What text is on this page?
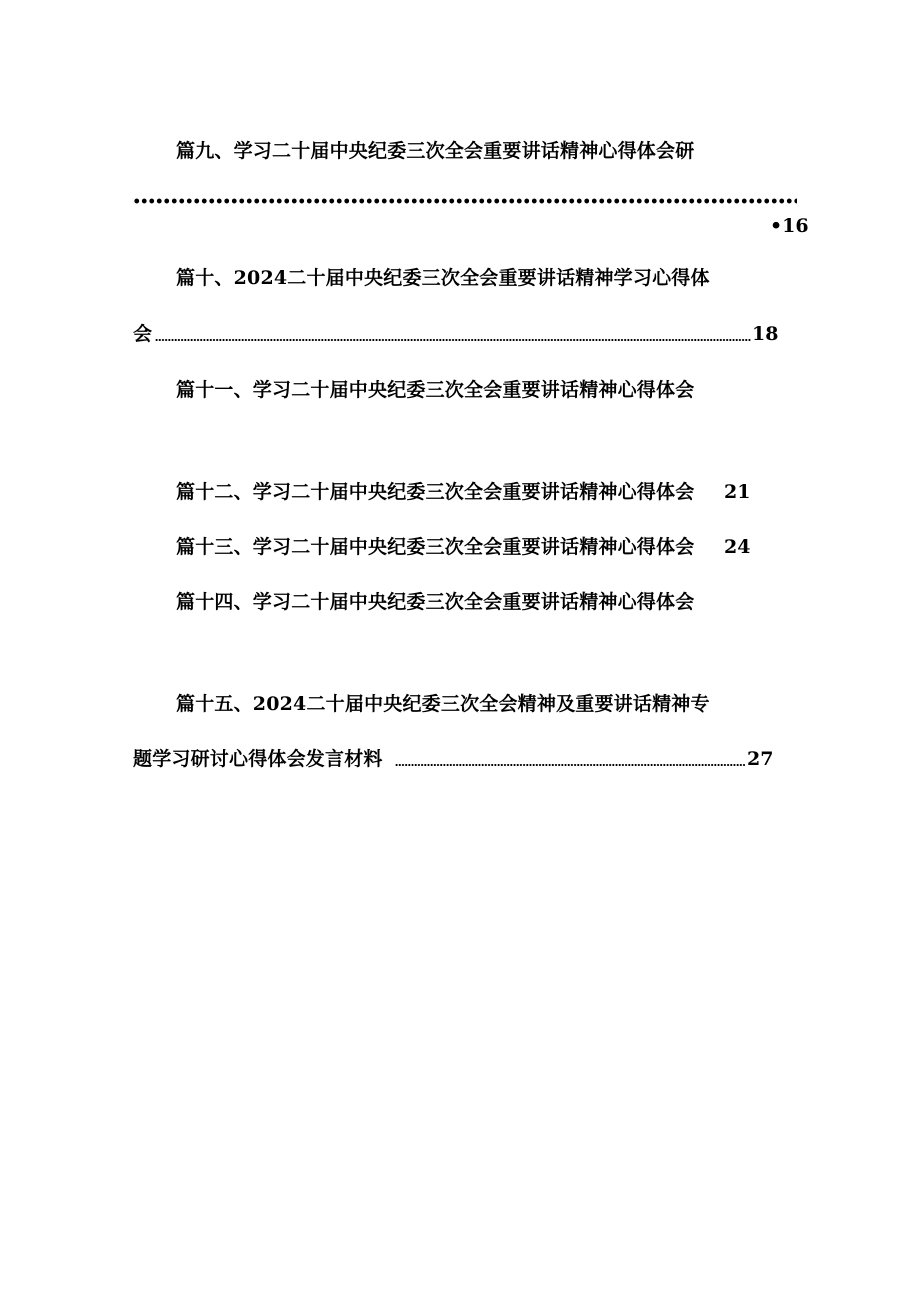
篇九、学习二十届中央纪委三次全会重要讲话精神心得体会研
•16
篇十、2024二十届中央纪委三次全会重要讲话精神学习心得体
会	18
篇十一、学习二十届中央纪委三次全会重要讲话精神心得体会
篇十二、学习二十届中央纪委三次全会重要讲话精神心得体会 21
篇十三、学习二十届中央纪委三次全会重要讲话精神心得体会 24
篇十四、学习二十届中央纪委三次全会重要讲话精神心得体会
篇十五、2024二十届中央纪委三次全会精神及重要讲话精神专
题学习研讨心得体会发言材料	27
